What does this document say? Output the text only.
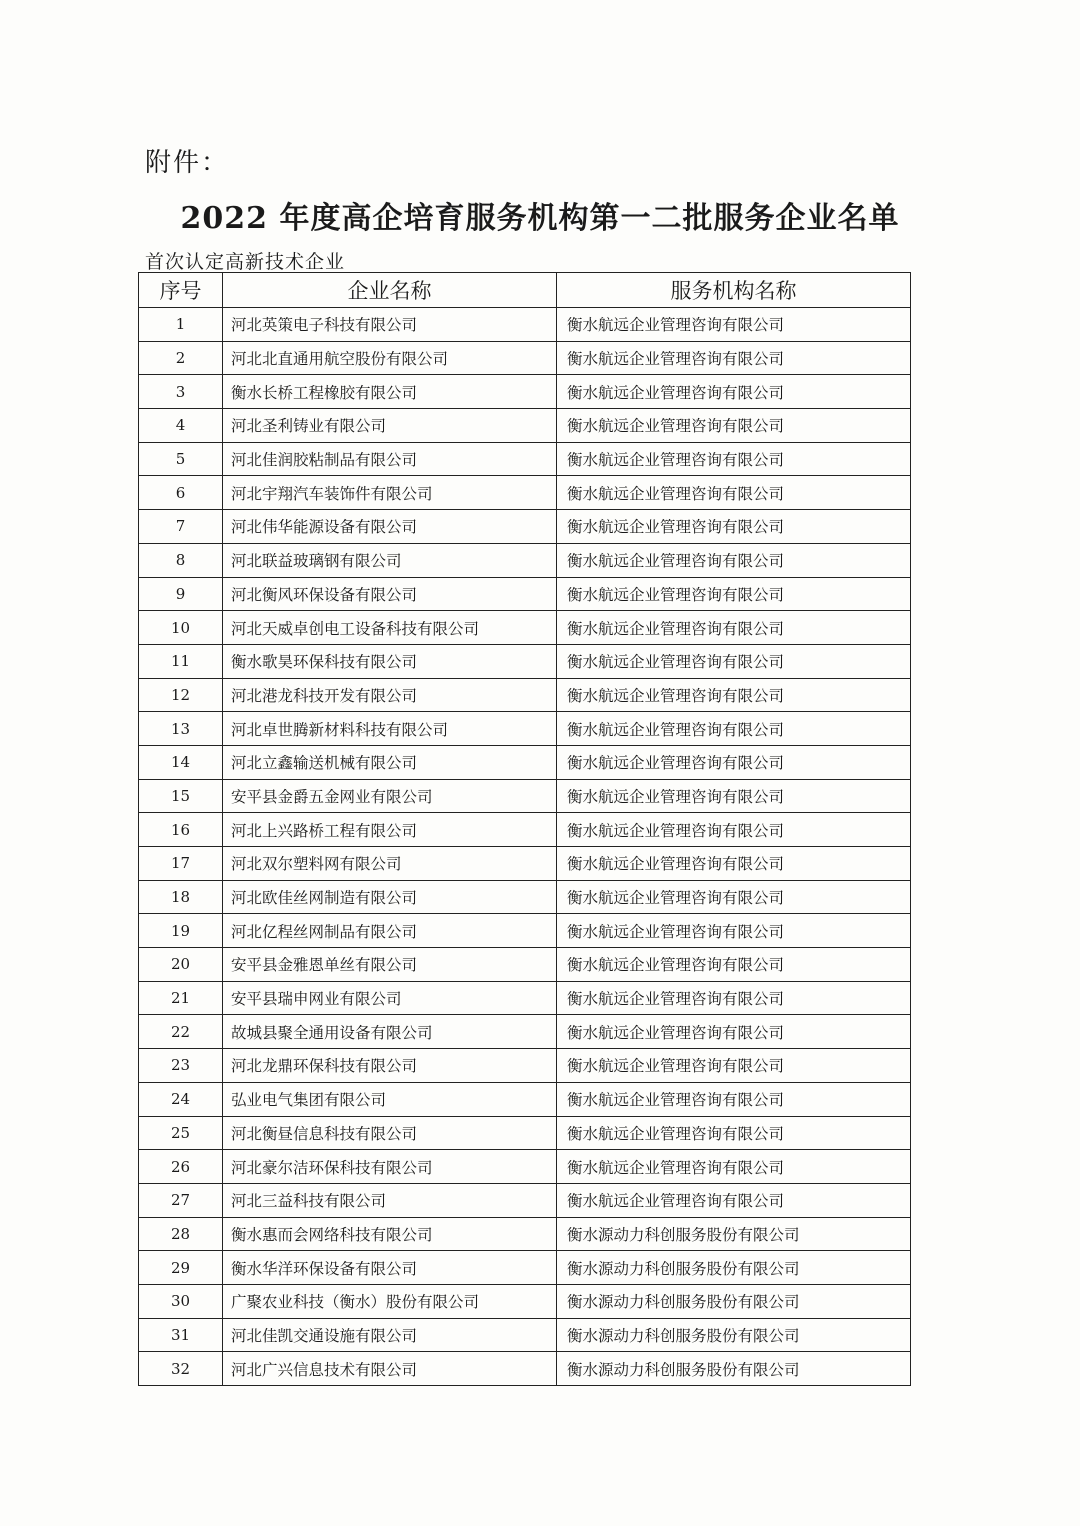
附件：
2022 年度高企培育服务机构第一二批服务企业名单
首次认定高新技术企业
序号	企业名称	服务机构名称
1	河北英策电子科技有限公司	衡水航远企业管理咨询有限公司
2	河北北直通用航空股份有限公司	衡水航远企业管理咨询有限公司
3	衡水长桥工程橡胶有限公司	衡水航远企业管理咨询有限公司
4	河北圣利铸业有限公司	衡水航远企业管理咨询有限公司
5	河北佳润胶粘制品有限公司	衡水航远企业管理咨询有限公司
6	河北宇翔汽车装饰件有限公司	衡水航远企业管理咨询有限公司
7	河北伟华能源设备有限公司	衡水航远企业管理咨询有限公司
8	河北联益玻璃钢有限公司	衡水航远企业管理咨询有限公司
9	河北衡风环保设备有限公司	衡水航远企业管理咨询有限公司
10	河北天威卓创电工设备科技有限公司	衡水航远企业管理咨询有限公司
11	衡水歌昊环保科技有限公司	衡水航远企业管理咨询有限公司
12	河北港龙科技开发有限公司	衡水航远企业管理咨询有限公司
13	河北卓世腾新材料科技有限公司	衡水航远企业管理咨询有限公司
14	河北立鑫输送机械有限公司	衡水航远企业管理咨询有限公司
15	安平县金爵五金网业有限公司	衡水航远企业管理咨询有限公司
16	河北上兴路桥工程有限公司	衡水航远企业管理咨询有限公司
17	河北双尔塑料网有限公司	衡水航远企业管理咨询有限公司
18	河北欧佳丝网制造有限公司	衡水航远企业管理咨询有限公司
19	河北亿程丝网制品有限公司	衡水航远企业管理咨询有限公司
20	安平县金雅恩单丝有限公司	衡水航远企业管理咨询有限公司
21	安平县瑞申网业有限公司	衡水航远企业管理咨询有限公司
22	故城县聚全通用设备有限公司	衡水航远企业管理咨询有限公司
23	河北龙鼎环保科技有限公司	衡水航远企业管理咨询有限公司
24	弘业电气集团有限公司	衡水航远企业管理咨询有限公司
25	河北衡昼信息科技有限公司	衡水航远企业管理咨询有限公司
26	河北豪尔洁环保科技有限公司	衡水航远企业管理咨询有限公司
27	河北三益科技有限公司	衡水航远企业管理咨询有限公司
28	衡水惠而会网络科技有限公司	衡水源动力科创服务股份有限公司
29	衡水华洋环保设备有限公司	衡水源动力科创服务股份有限公司
30	广聚农业科技（衡水）股份有限公司	衡水源动力科创服务股份有限公司
31	河北佳凯交通设施有限公司	衡水源动力科创服务股份有限公司
32	河北广兴信息技术有限公司	衡水源动力科创服务股份有限公司
